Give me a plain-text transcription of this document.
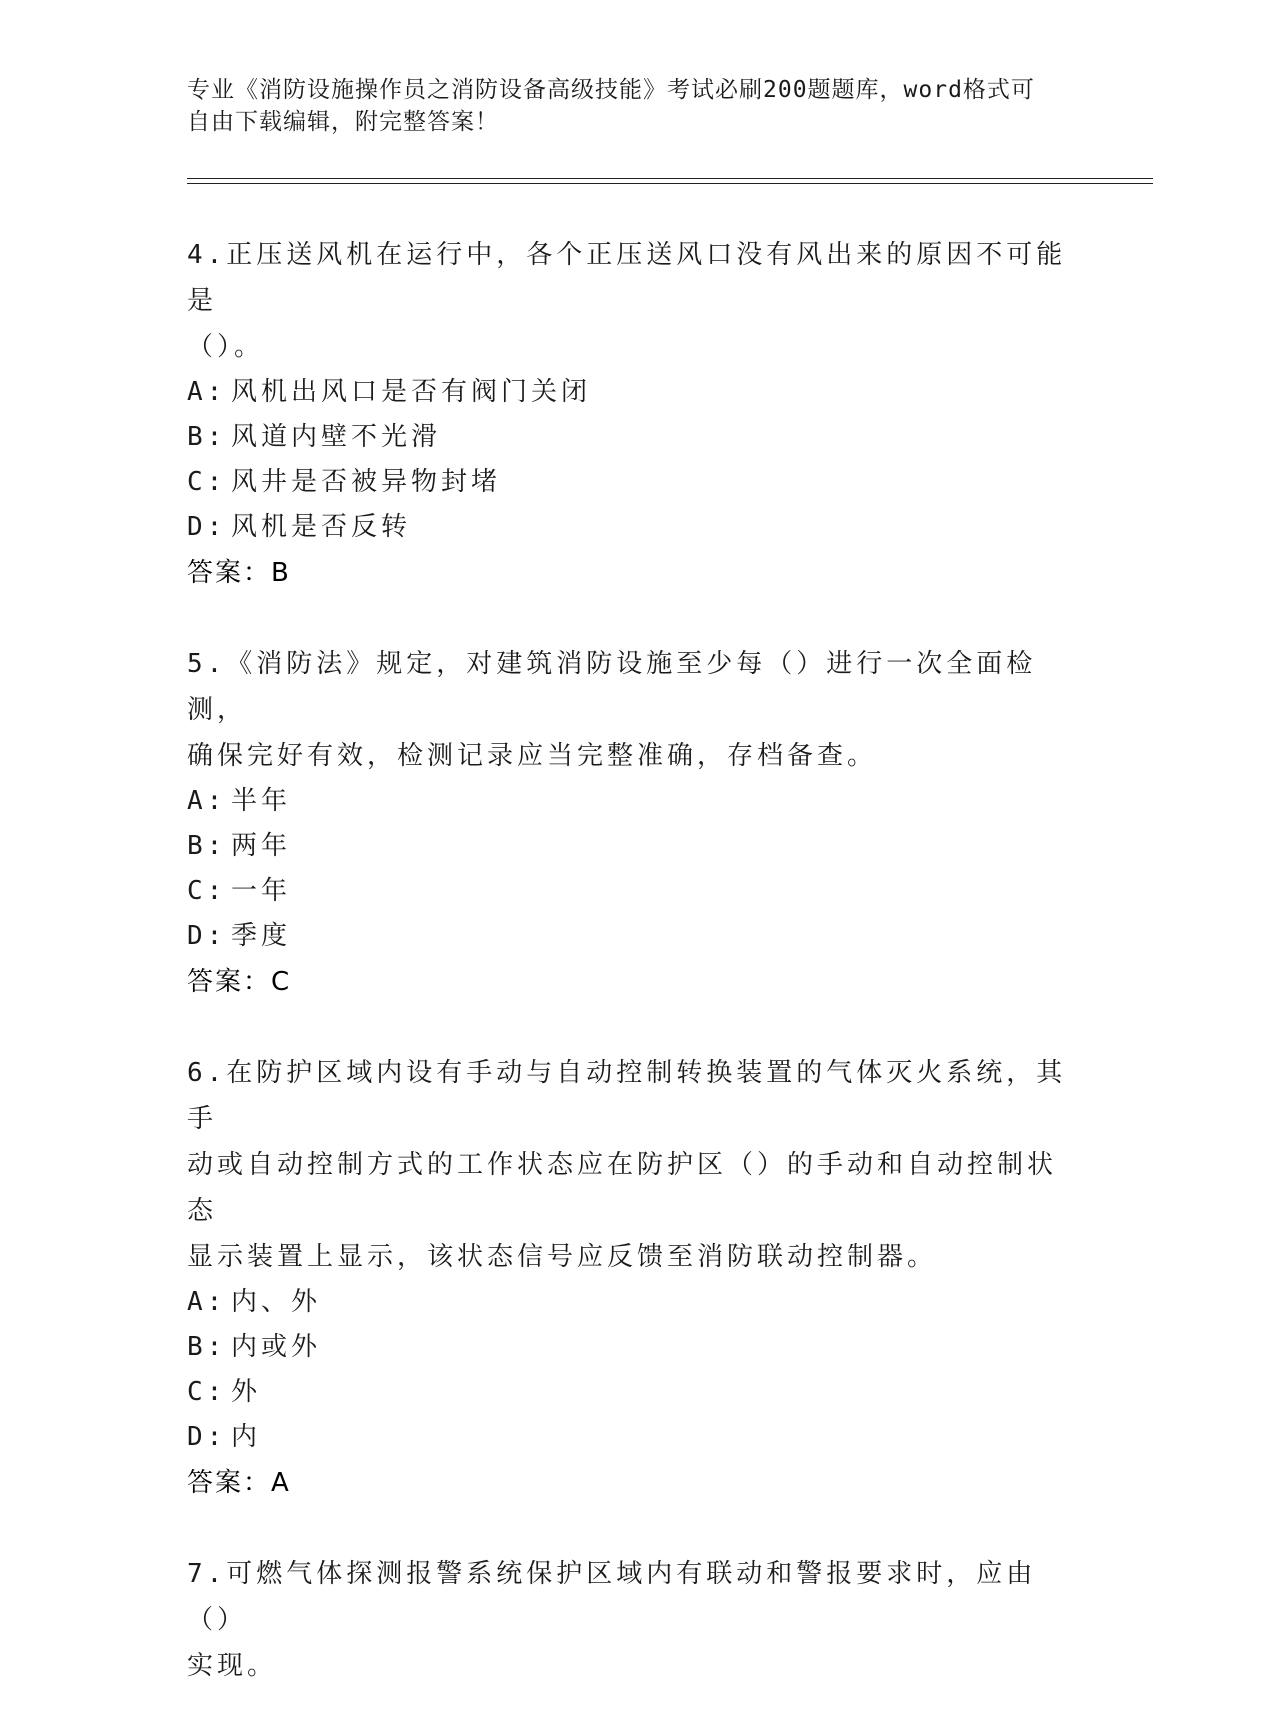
专业《消防设施操作员之消防设备高级技能》考试必刷200题题库，word格式可
自由下载编辑，附完整答案！
4.正压送风机在运行中，各个正压送风口没有风出来的原因不可能是
（）。
A: 风机出风口是否有阀门关闭
B: 风道内壁不光滑
C: 风井是否被异物封堵
D: 风机是否反转
答案：B
5.《消防法》规定，对建筑消防设施至少每（）进行一次全面检测，
确保完好有效，检测记录应当完整准确，存档备查。
A: 半年
B: 两年
C: 一年
D: 季度
答案：C
6.在防护区域内设有手动与自动控制转换装置的气体灭火系统，其手
动或自动控制方式的工作状态应在防护区（）的手动和自动控制状态
显示装置上显示，该状态信号应反馈至消防联动控制器。
A: 内、外
B: 内或外
C: 外
D: 内
答案：A
7.可燃气体探测报警系统保护区域内有联动和警报要求时，应由（）
实现。
